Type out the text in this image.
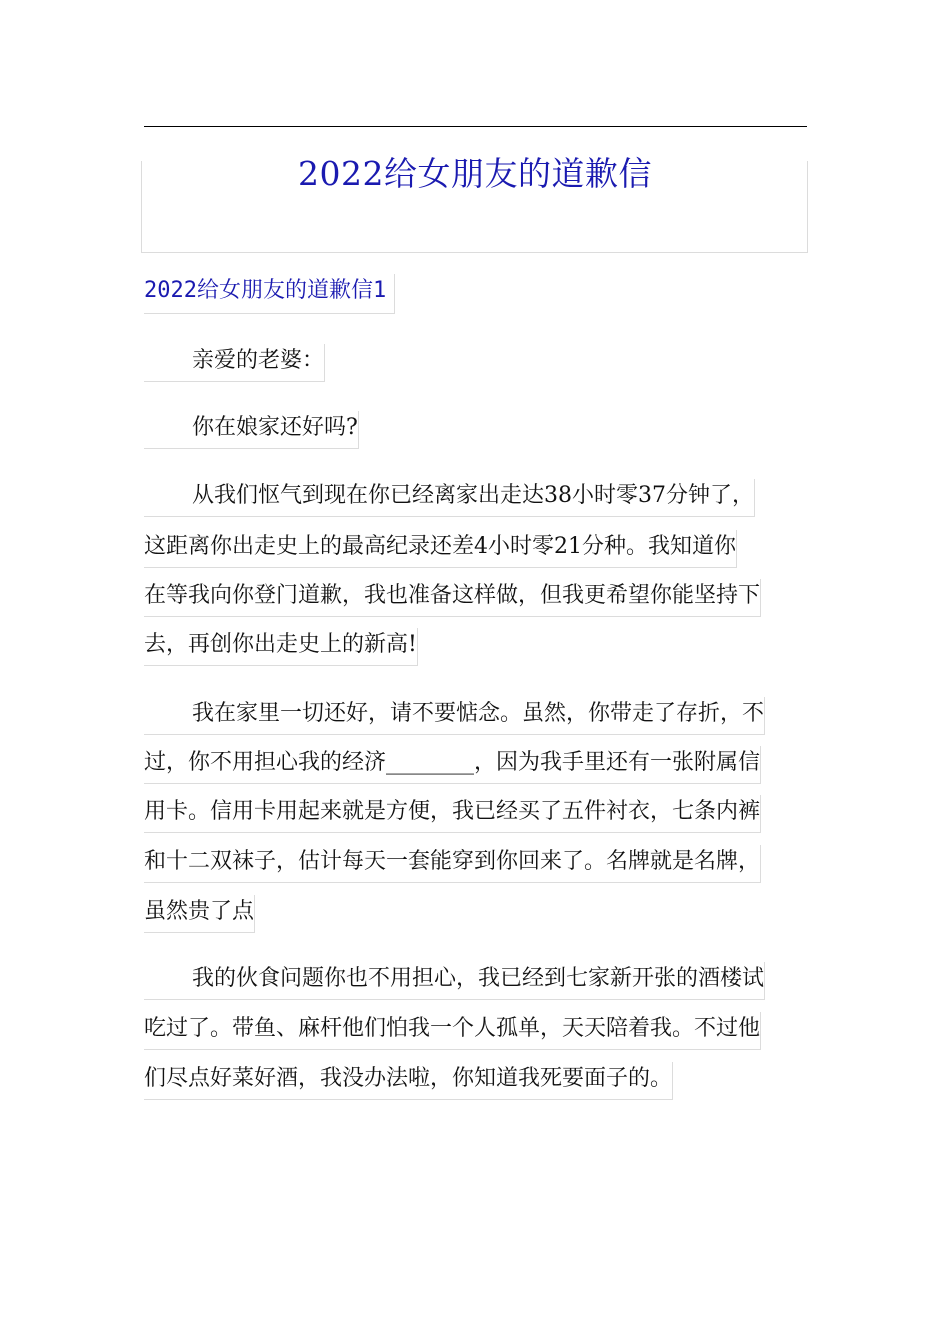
2022给女朋友的道歉信
2022给女朋友的道歉信1
亲爱的老婆：
你在娘家还好吗?
从我们怄气到现在你已经离家出走达38小时零37分钟了，
这距离你出走史上的最高纪录还差4小时零21分种。我知道你
在等我向你登门道歉，我也准备这样做，但我更希望你能坚持下
去，再创你出走史上的新高!
我在家里一切还好，请不要惦念。虽然，你带走了存折，不
过，你不用担心我的经济________，因为我手里还有一张附属信
用卡。信用卡用起来就是方便，我已经买了五件衬衣，七条内裤
和十二双袜子，估计每天一套能穿到你回来了。名牌就是名牌，
虽然贵了点
我的伙食问题你也不用担心，我已经到七家新开张的酒楼试
吃过了。带鱼、麻杆他们怕我一个人孤单，天天陪着我。不过他
们尽点好菜好酒，我没办法啦，你知道我死要面子的。
